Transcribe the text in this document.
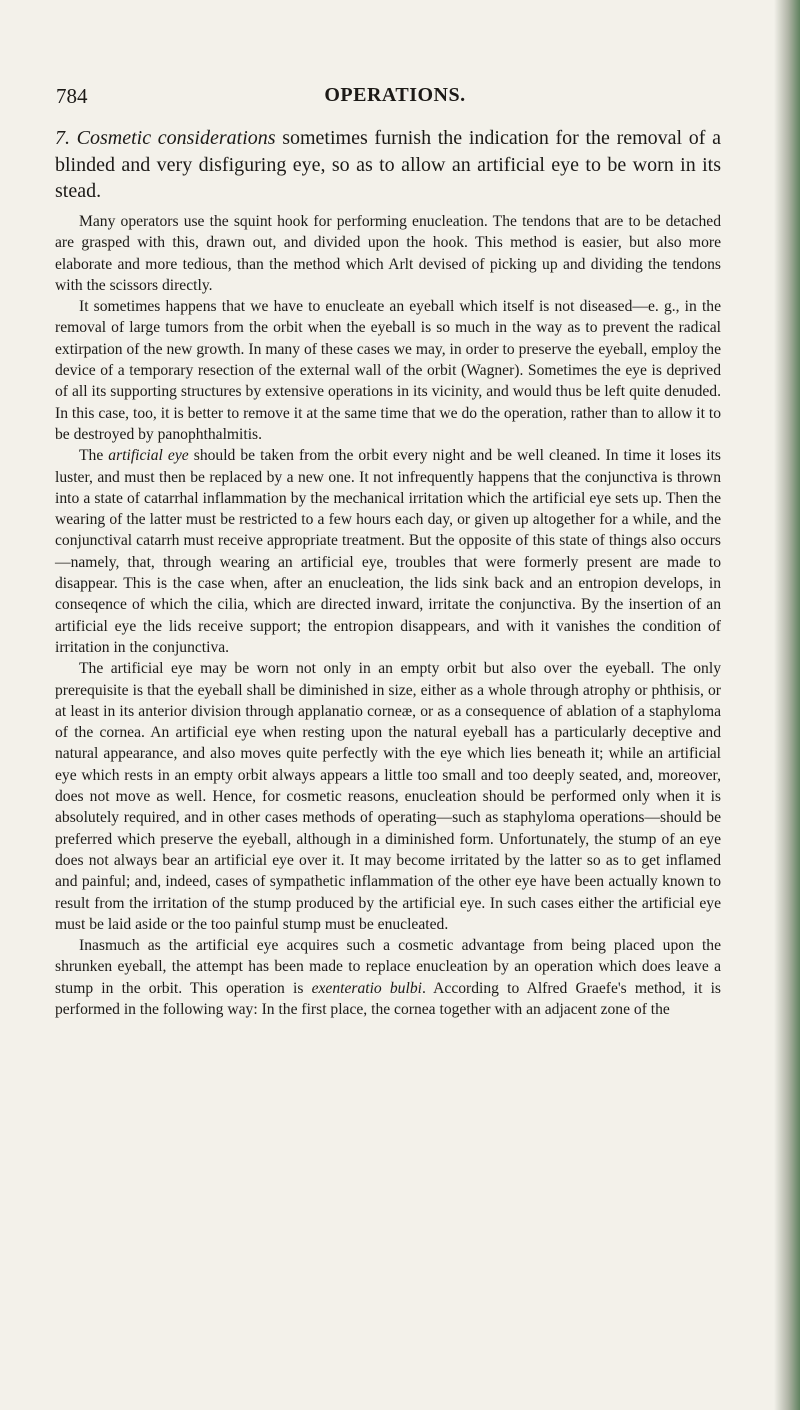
784	OPERATIONS.

7. Cosmetic considerations sometimes furnish the indication for the removal of a blinded and very disfiguring eye, so as to allow an artificial eye to be worn in its stead.

Many operators use the squint hook for performing enucleation. The tendons that are to be detached are grasped with this, drawn out, and divided upon the hook. This method is easier, but also more elaborate and more tedious, than the method which Arlt devised of picking up and dividing the tendons with the scissors directly.

It sometimes happens that we have to enucleate an eyeball which itself is not diseased—e. g., in the removal of large tumors from the orbit when the eyeball is so much in the way as to prevent the radical extirpation of the new growth. In many of these cases we may, in order to preserve the eyeball, employ the device of a temporary resection of the external wall of the orbit (Wagner). Sometimes the eye is deprived of all its supporting structures by extensive operations in its vicinity, and would thus be left quite denuded. In this case, too, it is better to remove it at the same time that we do the operation, rather than to allow it to be destroyed by panophthalmitis.

The artificial eye should be taken from the orbit every night and be well cleaned. In time it loses its luster, and must then be replaced by a new one. It not infrequently happens that the conjunctiva is thrown into a state of catarrhal inflammation by the mechanical irritation which the artificial eye sets up. Then the wearing of the latter must be restricted to a few hours each day, or given up altogether for a while, and the conjunctival catarrh must receive appropriate treatment. But the opposite of this state of things also occurs—namely, that, through wearing an artificial eye, troubles that were formerly present are made to disappear. This is the case when, after an enucleation, the lids sink back and an entropion develops, in conseqence of which the cilia, which are directed inward, irritate the conjunctiva. By the insertion of an artificial eye the lids receive support; the entropion disappears, and with it vanishes the condition of irritation in the conjunctiva.

The artificial eye may be worn not only in an empty orbit but also over the eyeball. The only prerequisite is that the eyeball shall be diminished in size, either as a whole through atrophy or phthisis, or at least in its anterior division through applanatio corneæ, or as a consequence of ablation of a staphyloma of the cornea. An artificial eye when resting upon the natural eyeball has a particularly deceptive and natural appearance, and also moves quite perfectly with the eye which lies beneath it; while an artificial eye which rests in an empty orbit always appears a little too small and too deeply seated, and, moreover, does not move as well. Hence, for cosmetic reasons, enucleation should be performed only when it is absolutely required, and in other cases methods of operating—such as staphyloma operations—should be preferred which preserve the eyeball, although in a diminished form. Unfortunately, the stump of an eye does not always bear an artificial eye over it. It may become irritated by the latter so as to get inflamed and painful; and, indeed, cases of sympathetic inflammation of the other eye have been actually known to result from the irritation of the stump produced by the artificial eye. In such cases either the artificial eye must be laid aside or the too painful stump must be enucleated.

Inasmuch as the artificial eye acquires such a cosmetic advantage from being placed upon the shrunken eyeball, the attempt has been made to replace enucleation by an operation which does leave a stump in the orbit. This operation is exenteratio bulbi. According to Alfred Graefe's method, it is performed in the following way: In the first place, the cornea together with an adjacent zone of the
